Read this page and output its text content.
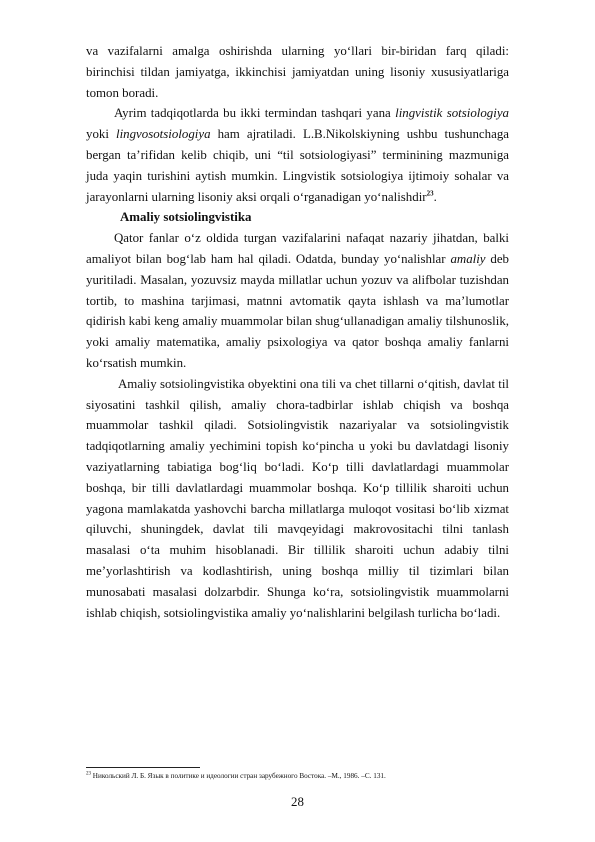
va vazifalarni amalga oshirishda ularning yo‘llari bir-biridan farq qiladi: birinchisi tildan jamiyatga, ikkinchisi jamiyatdan uning lisoniy xususiyatlariga tomon boradi.

Ayrim tadqiqotlarda bu ikki termindan tashqari yana lingvistik sotsiologiya yoki lingvosotsiologiya ham ajratiladi. L.B.Nikolskiyning ushbu tushunchaga bergan ta’rifidan kelib chiqib, uni “til sotsiologiyasi” terminining mazmuniga juda yaqin turishini aytish mumkin. Lingvistik sotsiologiya ijtimoiy sohalar va jarayonlarni ularning lisoniy aksi orqali o‘rganadigan yo‘nalishdir$^{23}$.

Amaliy sotsiolingvistika

Qator fanlar o‘z oldida turgan vazifalarini nafaqat nazariy jihatdan, balki amaliyot bilan bog‘lab ham hal qiladi. Odatda, bunday yo‘nalishlar amaliy deb yuritiladi. Masalan, yozuvsiz mayda millatlar uchun yozuv va alifbolar tuzishdan tortib, to mashina tarjimasi, matnni avtomatik qayta ishlash va ma’lumotlar qidirish kabi keng amaliy muammolar bilan shug‘ullanadigan amaliy tilshunoslik, yoki amaliy matematika, amaliy psixologiya va qator boshqa amaliy fanlarni ko‘rsatish mumkin.

Amaliy sotsiolingvistika obyektini ona tili va chet tillarni o‘qitish, davlat til siyosatini tashkil qilish, amaliy chora-tadbirlar ishlab chiqish va boshqa muammolar tashkil qiladi. Sotsiolingvistik nazariyalar va sotsiolingvistik tadqiqotlarning amaliy yechimini topish ko‘pincha u yoki bu davlatdagi lisoniy vaziyatlarning tabiatiga bog‘liq bo‘ladi. Ko‘p tilli davlatlardagi muammolar boshqa, bir tilli davlatlardagi muammolar boshqa. Ko‘p tillilik sharoiti uchun yagona mamlakatda yashovchi barcha millatlarga muloqot vositasi bo‘lib xizmat qiluvchi, shuningdek, davlat tili mavqeyidagi makrovositachi tilni tanlash masalasi o‘ta muhim hisoblanadi. Bir tillilik sharoiti uchun adabiy tilni me’yorlashtirish va kodlashtirish, uning boshqa milliy til tizimlari bilan munosabati masalasi dolzarbdir. Shunga ko‘ra, sotsiolingvistik muammolarni ishlab chiqish, sotsiolingvistika amaliy yo‘nalishlarini belgilash turlicha bo‘ladi.

$^{23}$ Никольский Л. Б. Язык в политике и идеологии стран зарубежного Востока. –М., 1986. –С. 131.
28
